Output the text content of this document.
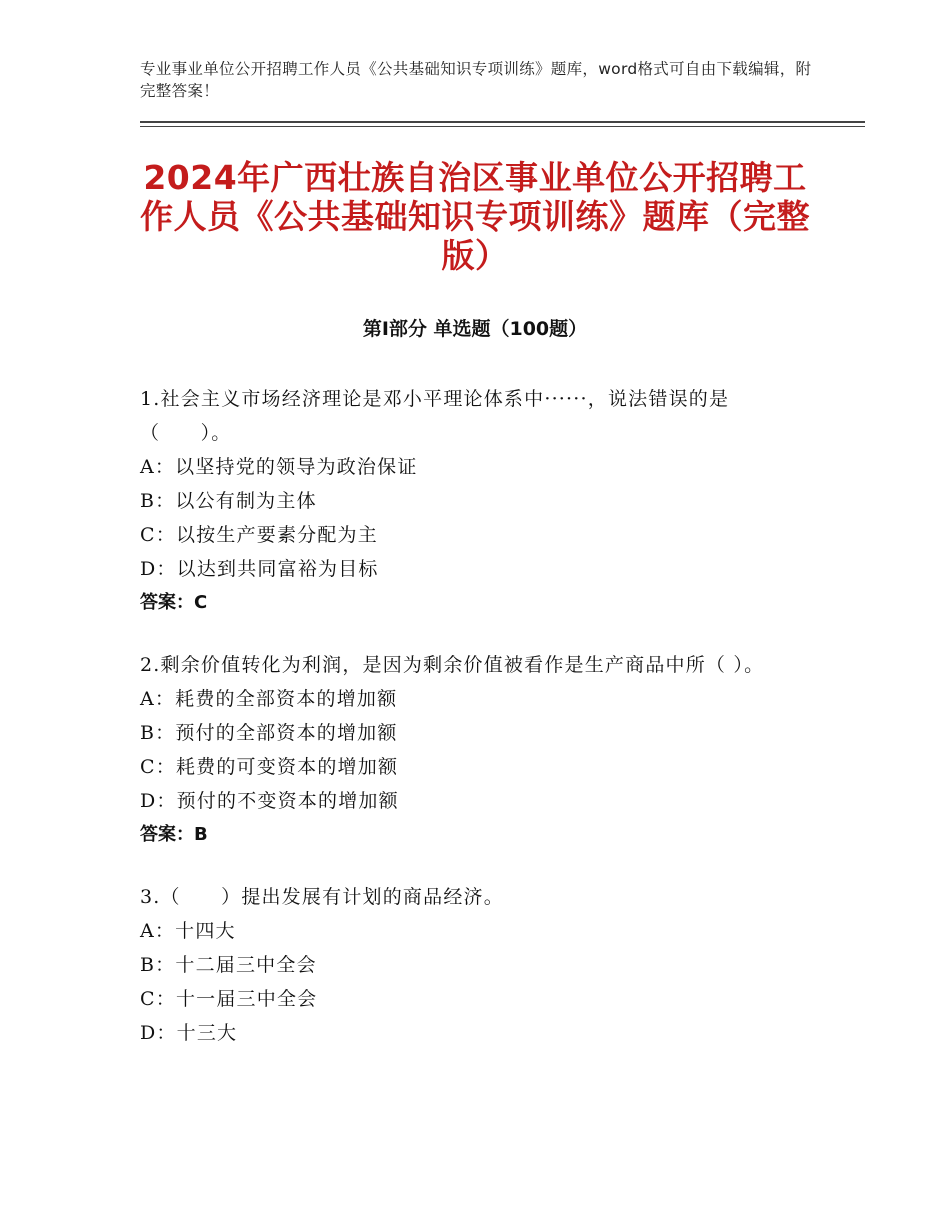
专业事业单位公开招聘工作人员《公共基础知识专项训练》题库，word格式可自由下载编辑，附完整答案！
2024年广西壮族自治区事业单位公开招聘工作人员《公共基础知识专项训练》题库（完整版）
第I部分 单选题（100题）
1.社会主义市场经济理论是邓小平理论体系中······，说法错误的是（　　）。
A：以坚持党的领导为政治保证
B：以公有制为主体
C：以按生产要素分配为主
D：以达到共同富裕为目标
答案：C
2.剩余价值转化为利润，是因为剩余价值被看作是生产商品中所（ ）。
A：耗费的全部资本的增加额
B：预付的全部资本的增加额
C：耗费的可变资本的增加额
D：预付的不变资本的增加额
答案：B
3.（　　）提出发展有计划的商品经济。
A：十四大
B：十二届三中全会
C：十一届三中全会
D：十三大
